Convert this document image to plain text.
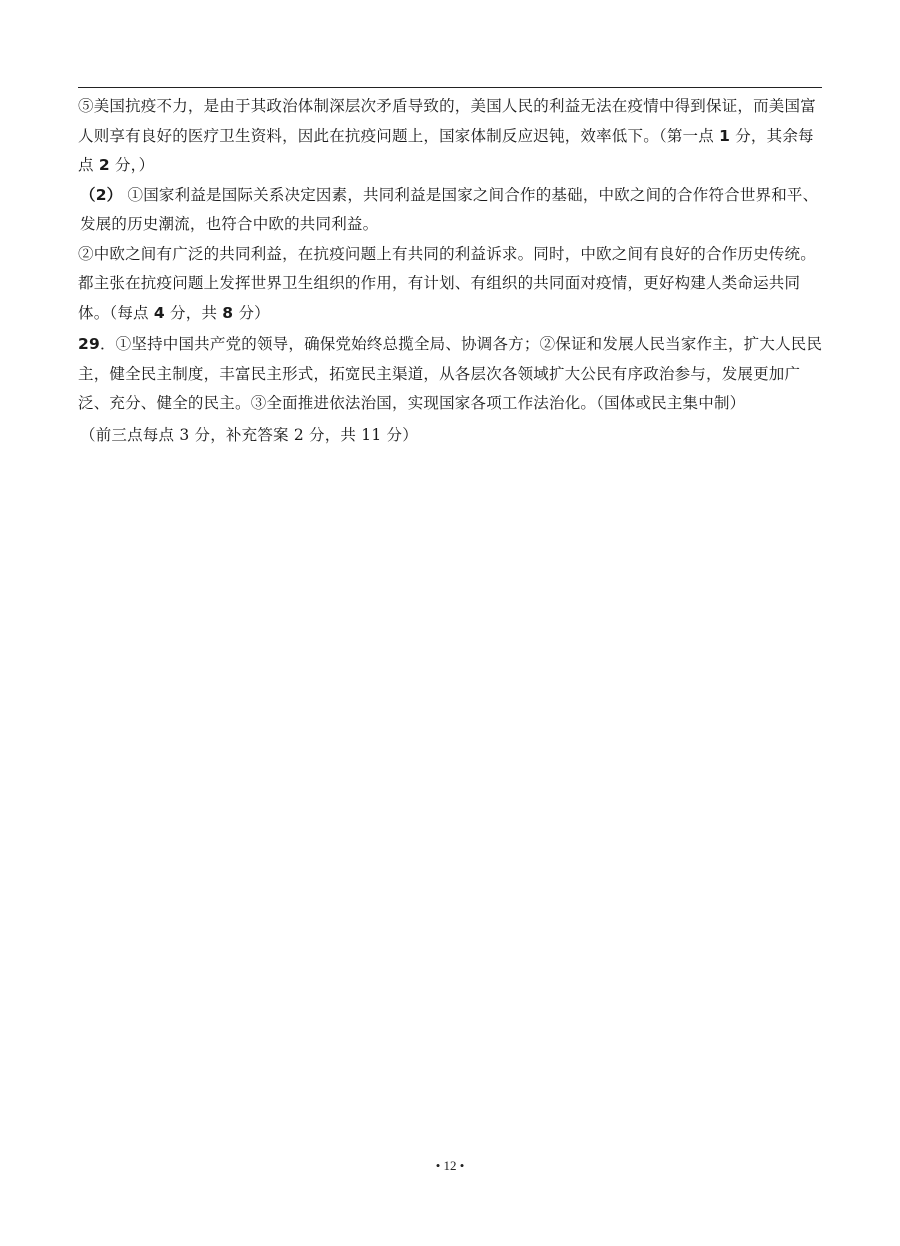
⑤美国抗疫不力，是由于其政治体制深层次矛盾导致的，美国人民的利益无法在疫情中得到保证，而美国富人则享有良好的医疗卫生资料，因此在抗疫问题上，国家体制反应迟钝，效率低下。（第一点 1 分，其余每点 2 分，）

（2） ①国家利益是国际关系决定因素，共同利益是国家之间合作的基础，中欧之间的合作符合世界和平、发展的历史潮流，也符合中欧的共同利益。

②中欧之间有广泛的共同利益，在抗疫问题上有共同的利益诉求。同时，中欧之间有良好的合作历史传统。都主张在抗疫问题上发挥世界卫生组织的作用，有计划、有组织的共同面对疫情，更好构建人类命运共同体。（每点 4 分，共 8 分）

29．①坚持中国共产党的领导，确保党始终总揽全局、协调各方；②保证和发展人民当家作主，扩大人民民主，健全民主制度，丰富民主形式，拓宽民主渠道，从各层次各领域扩大公民有序政治参与，发展更加广泛、充分、健全的民主。③全面推进依法治国，实现国家各项工作法治化。（国体或民主集中制）

（前三点每点 3 分，补充答案 2 分，共 11 分）

• 12 •
